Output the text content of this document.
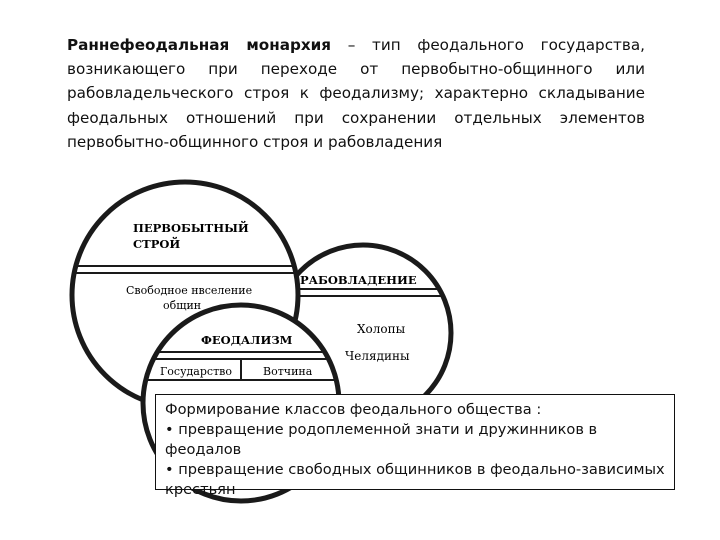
Раннефеодальная монархия – тип феодального государства, возникающего при переходе от первобытно-общинного или рабовладельческого строя к феодализму; характерно складывание феодальных отношений при сохранении отдельных элементов первобытно-общинного строя и рабовладения

РАБОВЛАДЕНИЕ
Холопы
Челядины
ПЕРВОБЫТНЫЙ
СТРОЙ
Свободное нвселение
общин
ФЕОДАЛИЗМ
Государство	Вотчина

Формирование классов феодального общества :

• превращение родоплеменной знати и дружинников в феодалов

• превращение свободных общинников в феодально-зависимых крестьян
